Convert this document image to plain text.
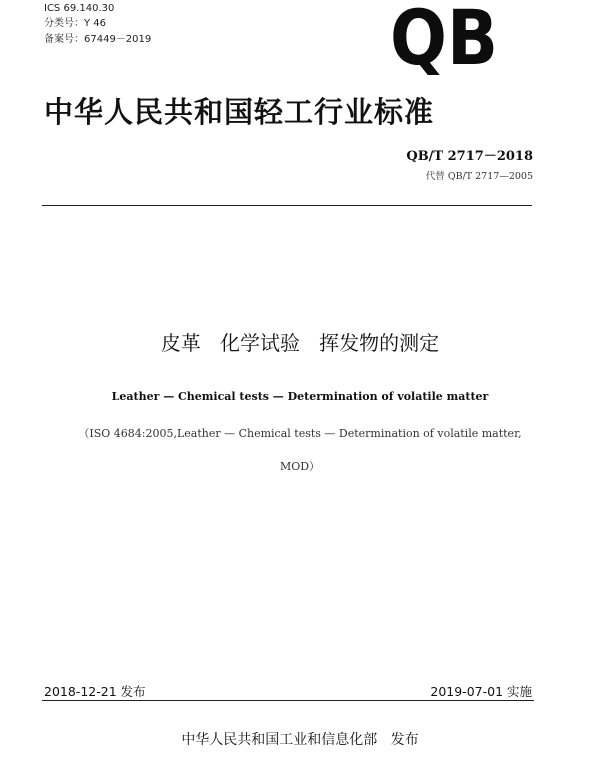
ICS 69.140.30
分类号：Y 46
备案号：67449－2019	QB
中华人民共和国轻工行业标准
QB/T 2717－2018
代替 QB/T 2717—2005
皮革   化学试验   挥发物的测定
Leather — Chemical tests — Determination of volatile matter
（ISO 4684:2005,Leather — Chemical tests — Determination of volatile matter,
MOD）
2018-12-21 发布	2019-07-01 实施
中华人民共和国工业和信息化部   发布
